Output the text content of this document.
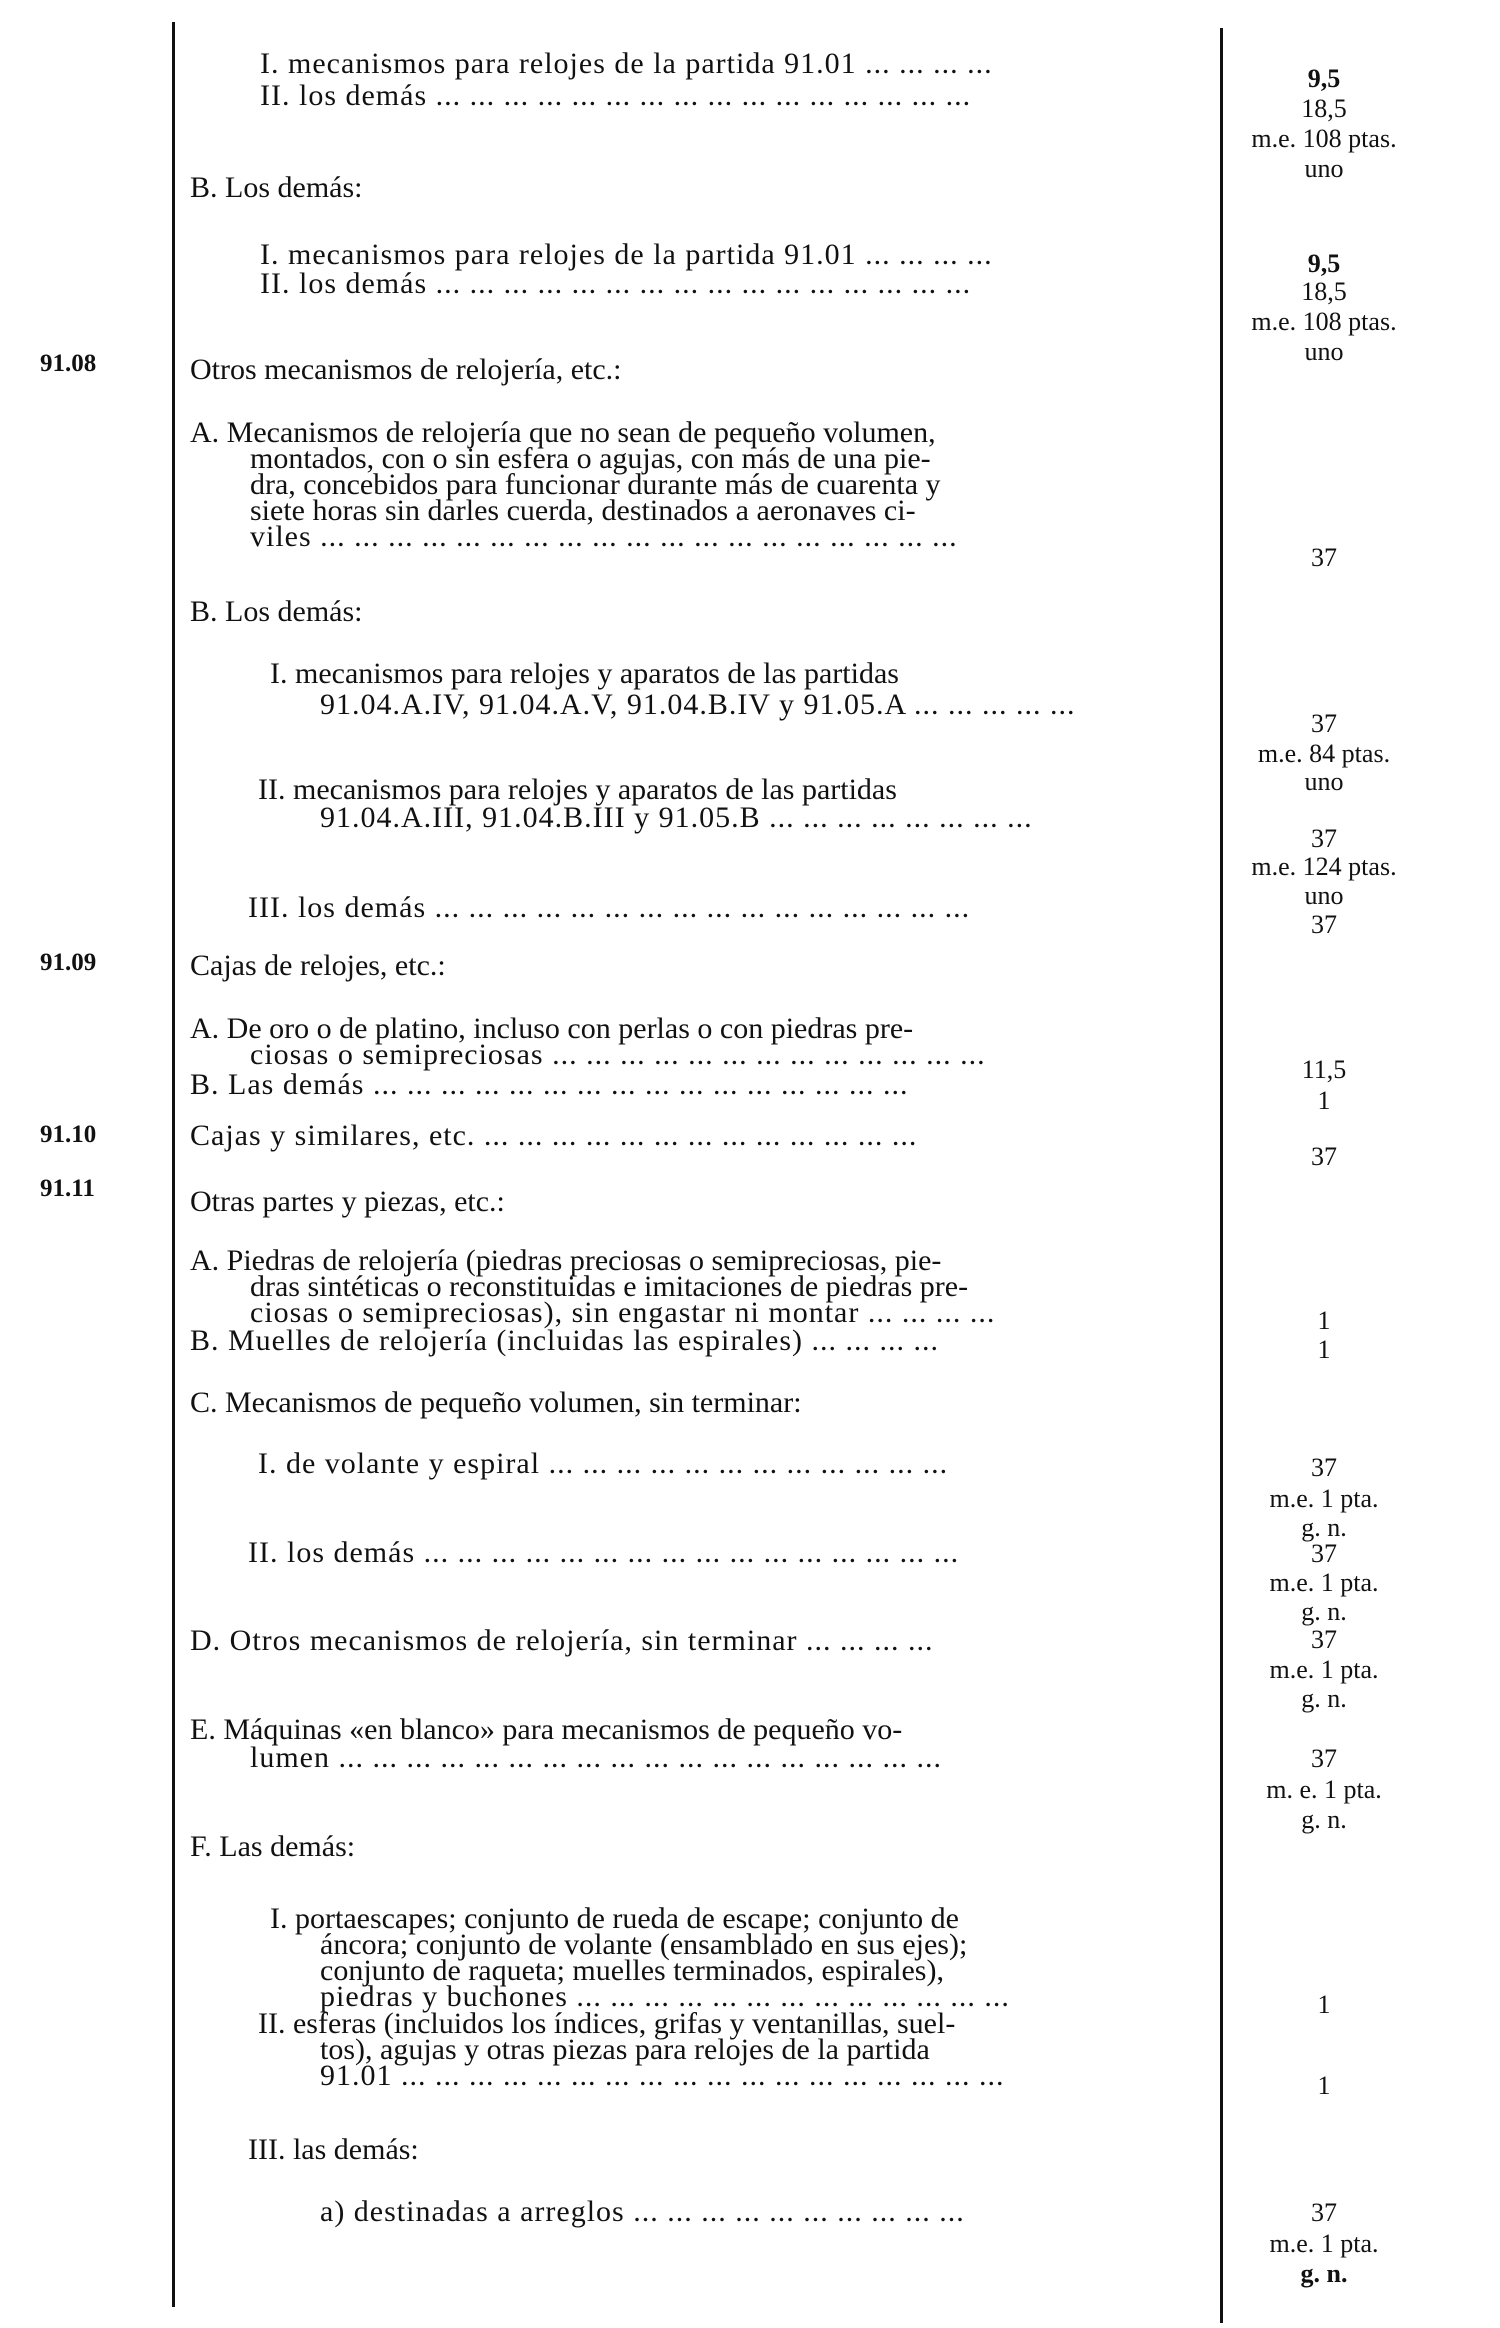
91.08
91.09
91.10
91.11
I. mecanismos para relojes de la partida 91.01 ... ... ... ...
II. los demás ... ... ... ... ... ... ... ... ... ... ... ... ... ... ... ...
B. Los demás:
I. mecanismos para relojes de la partida 91.01 ... ... ... ...
II. los demás ... ... ... ... ... ... ... ... ... ... ... ... ... ... ... ...
Otros mecanismos de relojería, etc.:
A. Mecanismos de relojería que no sean de pequeño volumen,
montados, con o sin esfera o agujas, con más de una pie-
dra, concebidos para funcionar durante más de cuarenta y
siete horas sin darles cuerda, destinados a aeronaves ci-
viles ... ... ... ... ... ... ... ... ... ... ... ... ... ... ... ... ... ... ...
B. Los demás:
I. mecanismos para relojes y aparatos de las partidas
91.04.A.IV, 91.04.A.V, 91.04.B.IV y 91.05.A ... ... ... ... ...
II. mecanismos para relojes y aparatos de las partidas
91.04.A.III, 91.04.B.III y 91.05.B ... ... ... ... ... ... ... ...
III. los demás ... ... ... ... ... ... ... ... ... ... ... ... ... ... ... ...
Cajas de relojes, etc.:
A. De oro o de platino, incluso con perlas o con piedras pre-
ciosas o semipreciosas ... ... ... ... ... ... ... ... ... ... ... ... ...
B. Las demás ... ... ... ... ... ... ... ... ... ... ... ... ... ... ... ...
Cajas y similares, etc. ... ... ... ... ... ... ... ... ... ... ... ... ...
Otras partes y piezas, etc.:
A. Piedras de relojería (piedras preciosas o semipreciosas, pie-
dras sintéticas o reconstituidas e imitaciones de piedras pre-
ciosas o semipreciosas), sin engastar ni montar ... ... ... ...
B. Muelles de relojería (incluidas las espirales) ... ... ... ...
C. Mecanismos de pequeño volumen, sin terminar:
I. de volante y espiral ... ... ... ... ... ... ... ... ... ... ... ...
II. los demás ... ... ... ... ... ... ... ... ... ... ... ... ... ... ... ...
D. Otros mecanismos de relojería, sin terminar ... ... ... ...
E. Máquinas «en blanco» para mecanismos de pequeño vo-
lumen ... ... ... ... ... ... ... ... ... ... ... ... ... ... ... ... ... ...
F. Las demás:
I. portaescapes; conjunto de rueda de escape; conjunto de
áncora; conjunto de volante (ensamblado en sus ejes);
conjunto de raqueta; muelles terminados, espirales),
piedras y buchones ... ... ... ... ... ... ... ... ... ... ... ... ...
II. esferas (incluidos los índices, grifas y ventanillas, suel-
tos), agujas y otras piezas para relojes de la partida
91.01 ... ... ... ... ... ... ... ... ... ... ... ... ... ... ... ... ... ...
III. las demás:
a) destinadas a arreglos ... ... ... ... ... ... ... ... ... ...
9,5
18,5
m.e. 108 ptas.
uno
9,5
18,5
m.e. 108 ptas.
uno
37
37
m.e. 84 ptas.
uno
37
m.e. 124 ptas.
uno
37
11,5
1
37
1
1
37
m.e. 1 pta.
g. n.
37
m.e. 1 pta.
g. n.
37
m.e. 1 pta.
g. n.
37
m. e. 1 pta.
g. n.
1
1
37
m.e. 1 pta.
g. n.
